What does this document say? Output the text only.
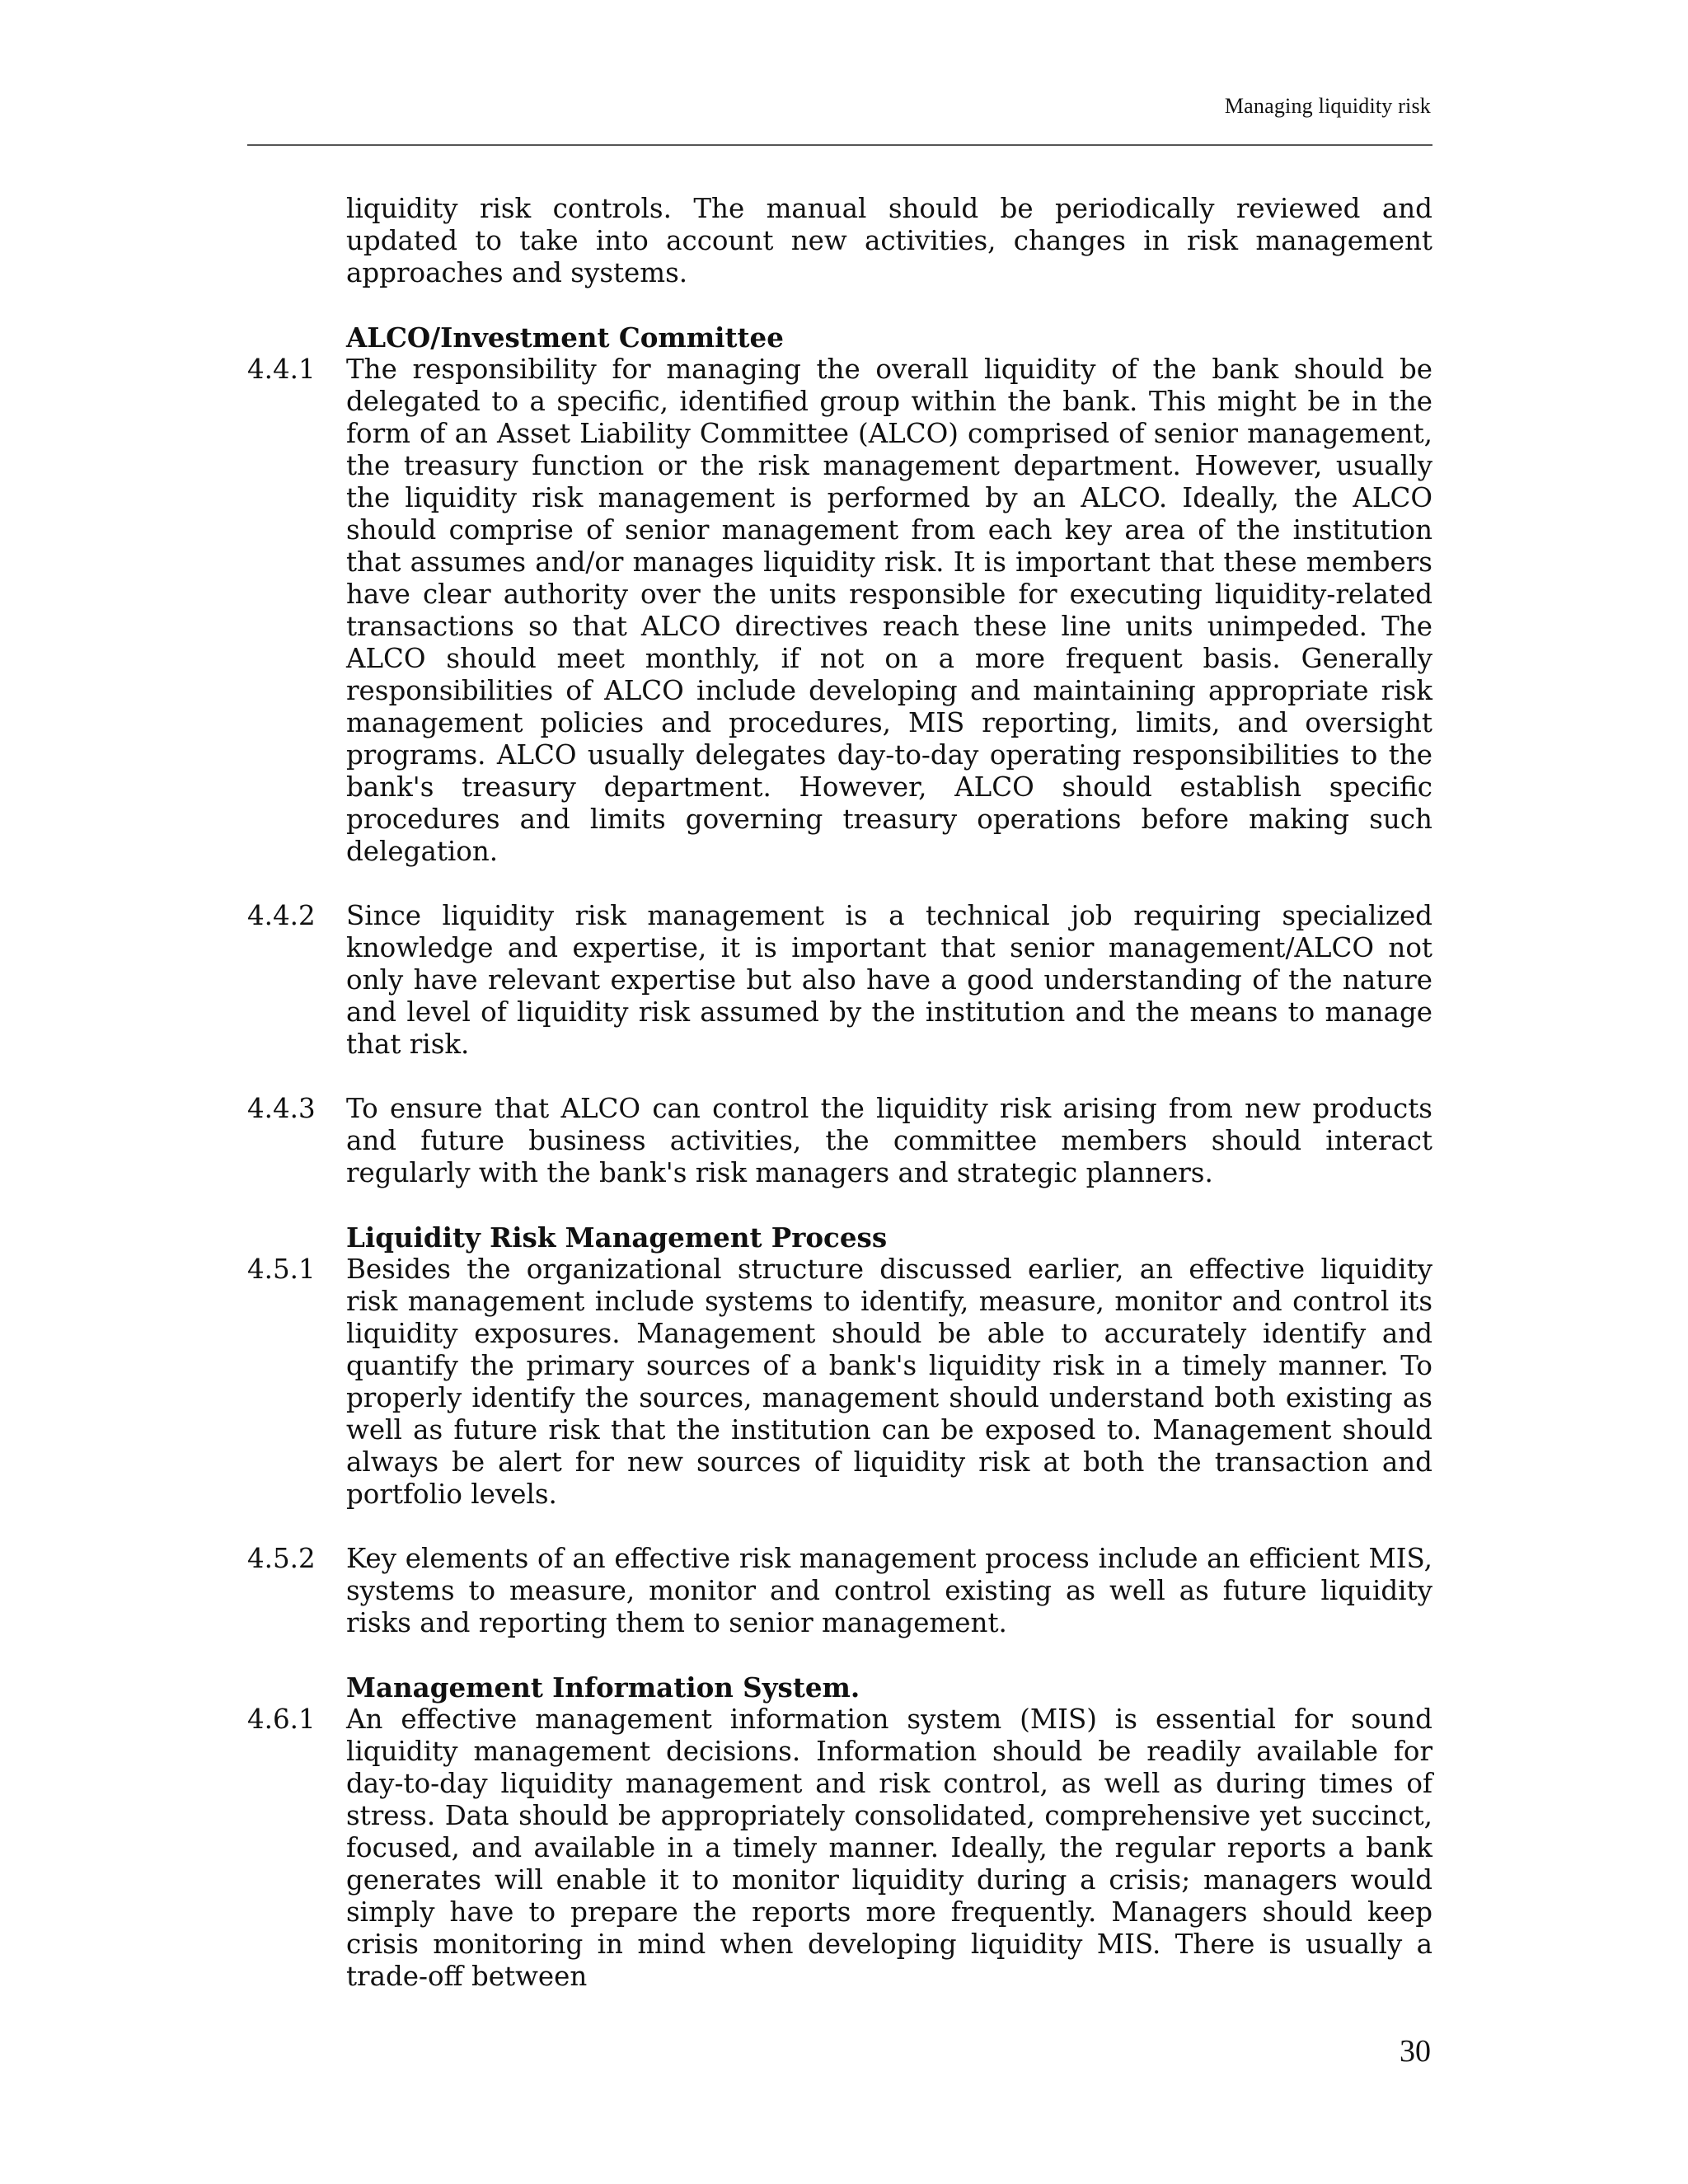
Managing liquidity risk

liquidity risk controls. The manual should be periodically reviewed and updated to take into account new activities, changes in risk management approaches and systems.

ALCO/Investment Committee

4.4.1 The responsibility for managing the overall liquidity of the bank should be delegated to a specific, identified group within the bank. This might be in the form of an Asset Liability Committee (ALCO) comprised of senior management, the treasury function or the risk management department. However, usually the liquidity risk management is performed by an ALCO. Ideally, the ALCO should comprise of senior management from each key area of the institution that assumes and/or manages liquidity risk. It is important that these members have clear authority over the units responsible for executing liquidity-related transactions so that ALCO directives reach these line units unimpeded. The ALCO should meet monthly, if not on a more frequent basis. Generally responsibilities of ALCO include developing and maintaining appropriate risk management policies and procedures, MIS reporting, limits, and oversight programs. ALCO usually delegates day-to-day operating responsibilities to the bank's treasury department. However, ALCO should establish specific procedures and limits governing treasury operations before making such delegation.

4.4.2 Since liquidity risk management is a technical job requiring specialized knowledge and expertise, it is important that senior management/ALCO not only have relevant expertise but also have a good understanding of the nature and level of liquidity risk assumed by the institution and the means to manage that risk.

4.4.3 To ensure that ALCO can control the liquidity risk arising from new products and future business activities, the committee members should interact regularly with the bank's risk managers and strategic planners.

Liquidity Risk Management Process

4.5.1 Besides the organizational structure discussed earlier, an effective liquidity risk management include systems to identify, measure, monitor and control its liquidity exposures. Management should be able to accurately identify and quantify the primary sources of a bank's liquidity risk in a timely manner. To properly identify the sources, management should understand both existing as well as future risk that the institution can be exposed to. Management should always be alert for new sources of liquidity risk at both the transaction and portfolio levels.

4.5.2 Key elements of an effective risk management process include an efficient MIS, systems to measure, monitor and control existing as well as future liquidity risks and reporting them to senior management.

Management Information System.

4.6.1 An effective management information system (MIS) is essential for sound liquidity management decisions. Information should be readily available for day-to-day liquidity management and risk control, as well as during times of stress. Data should be appropriately consolidated, comprehensive yet succinct, focused, and available in a timely manner. Ideally, the regular reports a bank generates will enable it to monitor liquidity during a crisis; managers would simply have to prepare the reports more frequently. Managers should keep crisis monitoring in mind when developing liquidity MIS. There is usually a trade-off between

30
